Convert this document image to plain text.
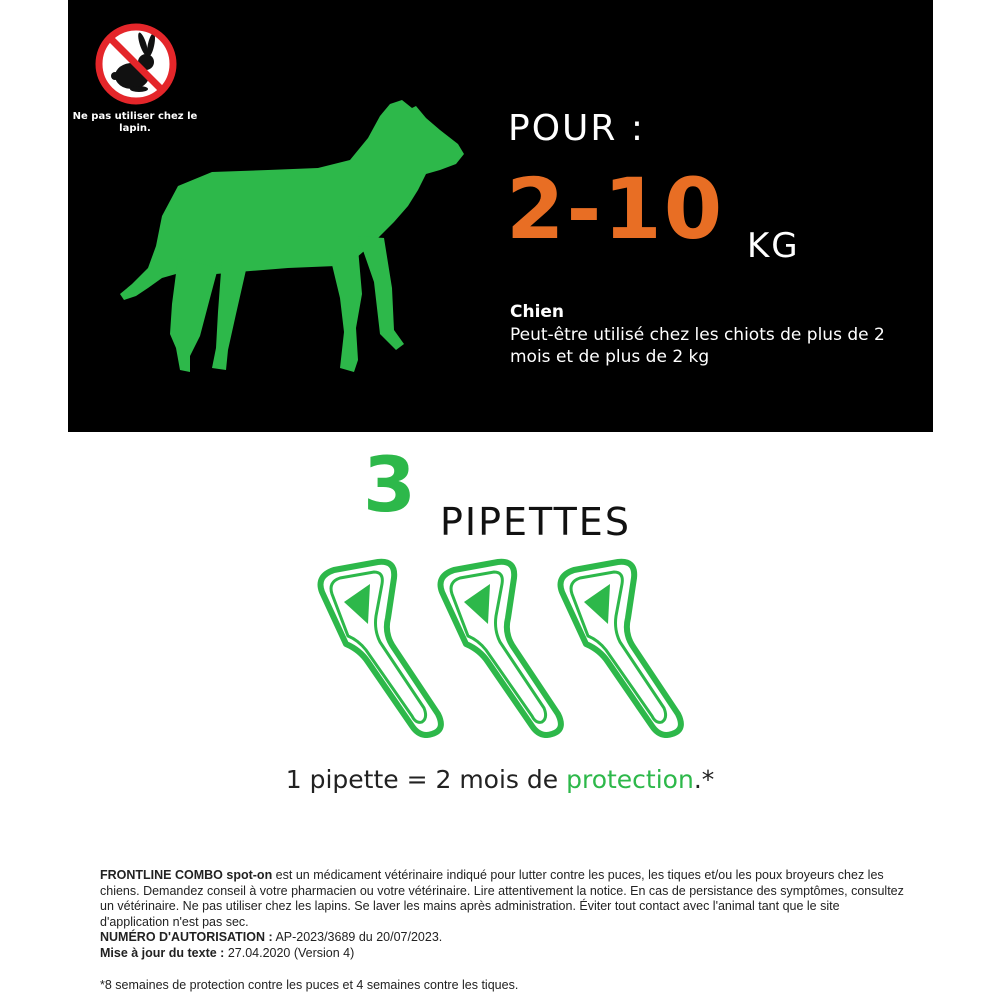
Ne pas utiliser chez le lapin.	POUR :
2-10 KG
Chien
Peut-être utilisé chez les chiots de plus de 2 mois et de plus de 2 kg
3 PIPETTES
1 pipette = 2 mois de protection.*
FRONTLINE COMBO spot-on est un médicament vétérinaire indiqué pour lutter contre les puces, les tiques et/ou les poux broyeurs chez les chiens. Demandez conseil à votre pharmacien ou votre vétérinaire. Lire attentivement la notice. En cas de persistance des symptômes, consultez un vétérinaire. Ne pas utiliser chez les lapins. Se laver les mains après administration. Éviter tout contact avec l'animal tant que le site d'application n'est pas sec.
NUMÉRO D'AUTORISATION : AP-2023/3689 du 20/07/2023.
Mise à jour du texte : 27.04.2020 (Version 4)
*8 semaines de protection contre les puces et 4 semaines contre les tiques.
